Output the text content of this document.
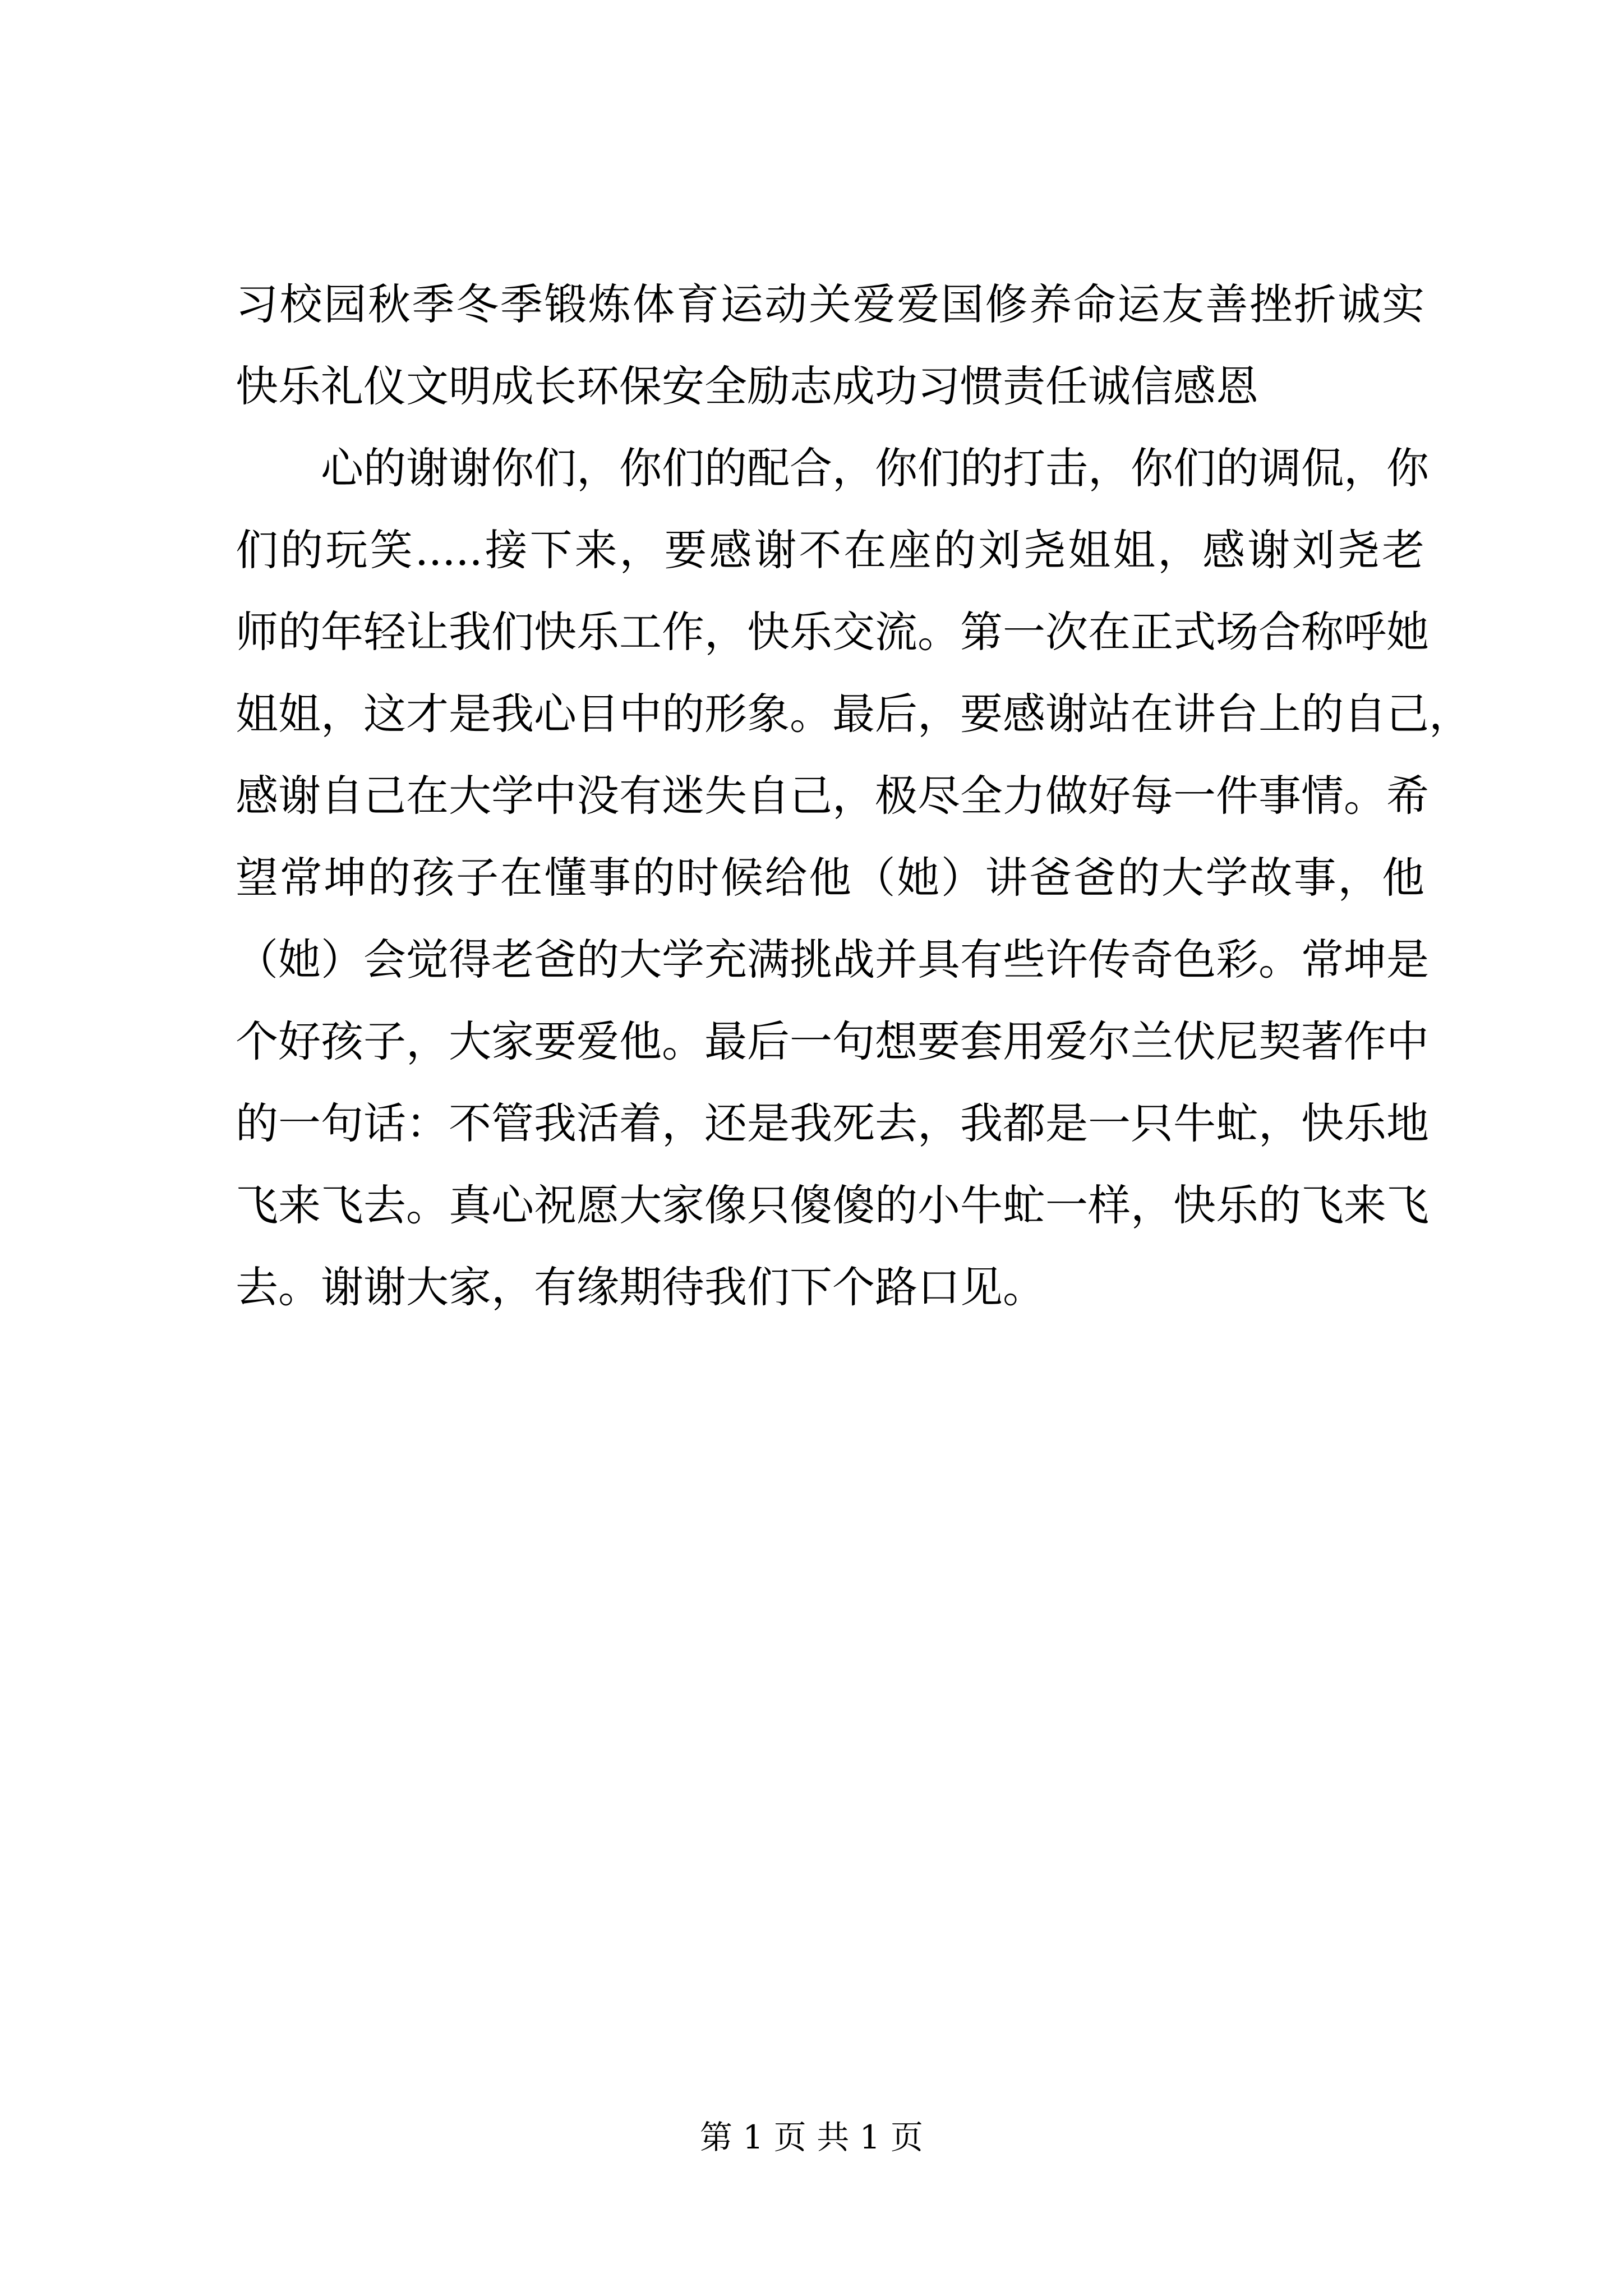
习校园秋季冬季锻炼体育运动关爱爱国修养命运友善挫折诚实
快乐礼仪文明成长环保安全励志成功习惯责任诚信感恩
心的谢谢你们，你们的配合，你们的打击，你们的调侃，你
们的玩笑.....接下来，要感谢不在座的刘尧姐姐，感谢刘尧老
师的年轻让我们快乐工作，快乐交流。第一次在正式场合称呼她
姐姐，这才是我心目中的形象。最后，要感谢站在讲台上的自己，
感谢自己在大学中没有迷失自己，极尽全力做好每一件事情。希
望常坤的孩子在懂事的时候给他（她）讲爸爸的大学故事，他
（她）会觉得老爸的大学充满挑战并具有些许传奇色彩。常坤是
个好孩子，大家要爱他。最后一句想要套用爱尔兰伏尼契著作中
的一句话：不管我活着，还是我死去，我都是一只牛虻，快乐地
飞来飞去。真心祝愿大家像只傻傻的小牛虻一样，快乐的飞来飞
去。谢谢大家，有缘期待我们下个路口见。
第 1 页 共 1 页
